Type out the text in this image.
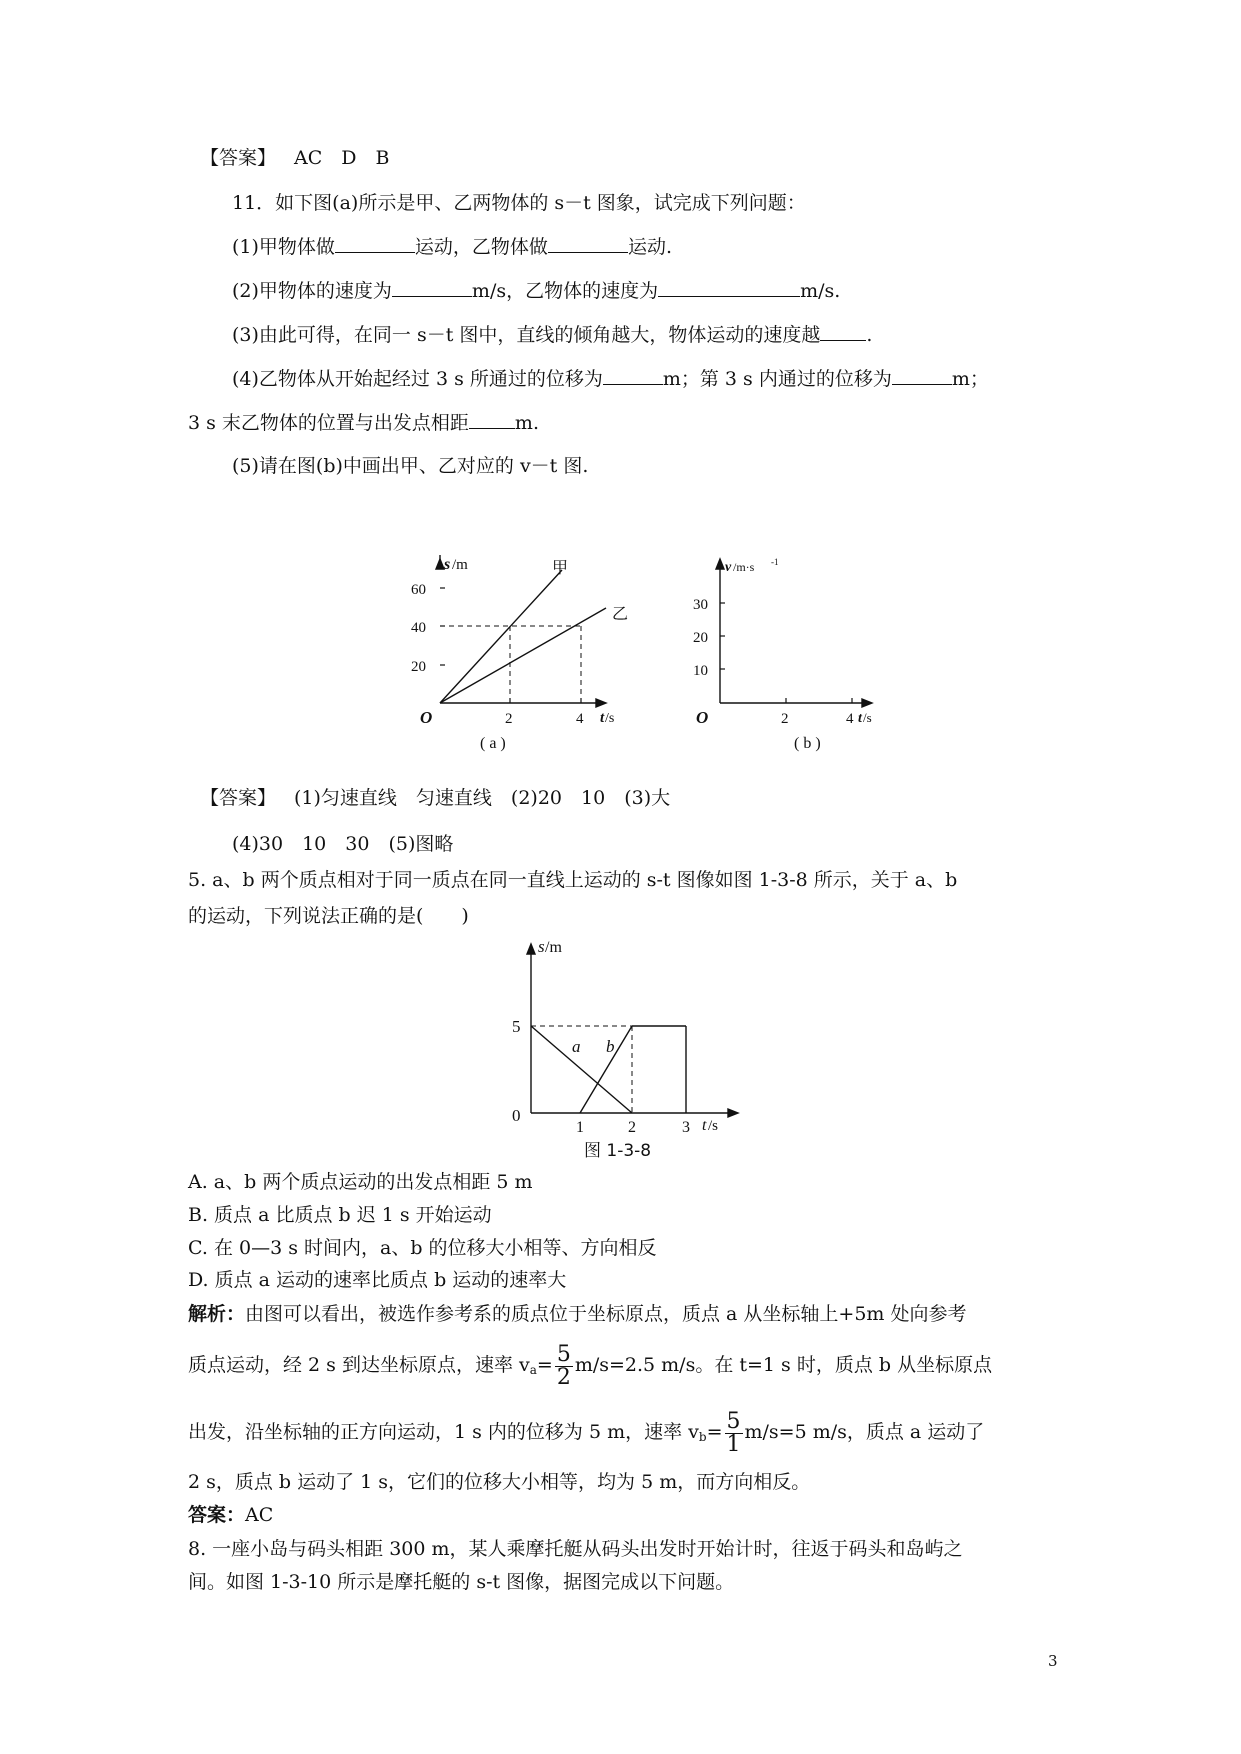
【答案】 AC　D　B
11．如下图(a)所示是甲、乙两物体的 s－t 图象，试完成下列问题：
(1)甲物体做	运动，乙物体做	运动.
(2)甲物体的速度为	m/s，乙物体的速度为	m/s.
(3)由此可得，在同一 s－t 图中，直线的倾角越大，物体运动的速度越 .
(4)乙物体从开始起经过 3 s 所通过的位移为	m；第 3 s 内通过的位移为	m；
3 s 末乙物体的位置与出发点相距 m.
(5)请在图(b)中画出甲、乙对应的 v－t 图.
s /m
20
40
60
O	2	4 t /s
甲
乙
( a )
v /m·s -1
10
20
30
O	2	4 t /s
( b )
【答案】 (1)匀速直线　匀速直线　(2)20　10　(3)大
(4)30　10　30　(5)图略
5. a、b 两个质点相对于同一质点在同一直线上运动的 s-t 图像如图 1-3-8 所示，关于 a、b
的运动，下列说法正确的是(　　)
s /m
5
0
1	2	3 t /s
a b
图 1-3-8
A. a、b 两个质点运动的出发点相距 5 m
B. 质点 a 比质点 b 迟 1 s 开始运动
C. 在 0—3 s 时间内，a、b 的位移大小相等、方向相反
D. 质点 a 运动的速率比质点 b 运动的速率大
解析：由图可以看出，被选作参考系的质点位于坐标原点，质点 a 从坐标轴上+5m 处向参考
质点运动，经 2 s 到达坐标原点，速率 $v_a= \frac{5}{2} m/s=2.5$ m/s。在 t=1 s 时，质点 b 从坐标原点
出发，沿坐标轴的正方向运动，1 s 内的位移为 5 m，速率 $v_b= \frac{5}{1} m/s=5$ m/s，质点 a 运动了
2 s，质点 b 运动了 1 s，它们的位移大小相等，均为 5 m，而方向相反。
答案：AC
8. 一座小岛与码头相距 300 m，某人乘摩托艇从码头出发时开始计时，往返于码头和岛屿之
间。如图 1-3-10 所示是摩托艇的 s-t 图像，据图完成以下问题。
3
